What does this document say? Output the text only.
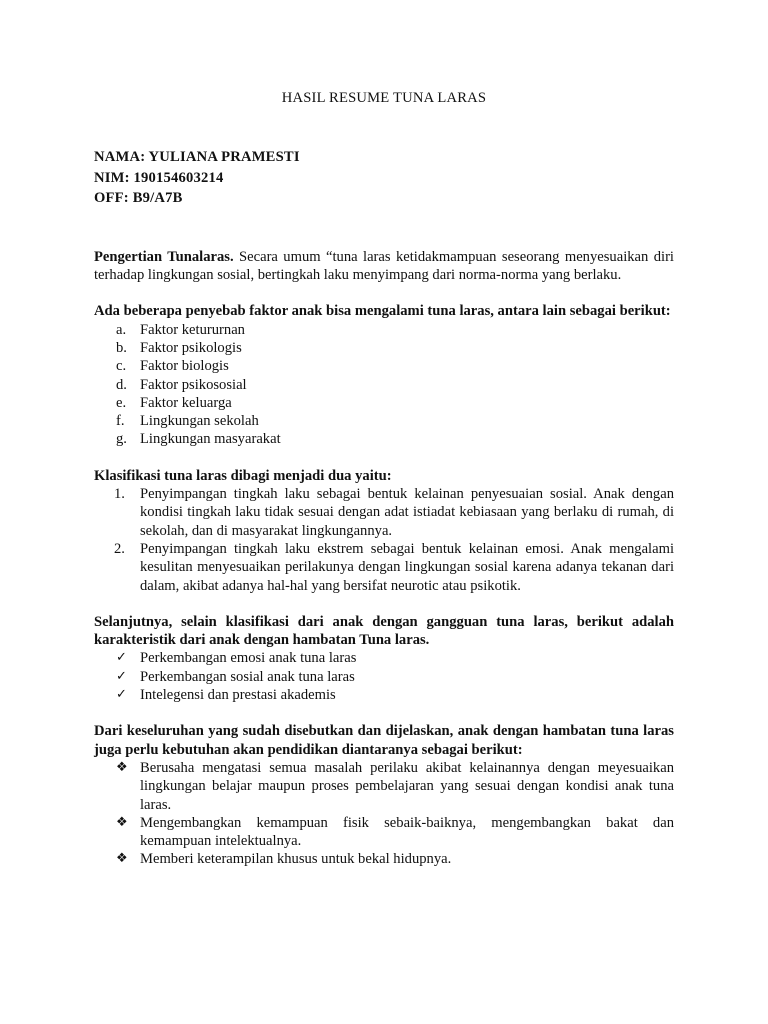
HASIL RESUME TUNA LARAS
NAMA: YULIANA PRAMESTI
NIM: 190154603214
OFF: B9/A7B

Pengertian Tunalaras. Secara umum “tuna laras ketidakmampuan seseorang menyesuaikan diri terhadap lingkungan sosial, bertingkah laku menyimpang dari norma-norma yang berlaku.

Ada beberapa penyebab faktor anak bisa mengalami tuna laras, antara lain sebagai berikut:

a. Faktor ketururnan
b. Faktor psikologis
c. Faktor biologis
d. Faktor psikososial
e. Faktor keluarga
f. Lingkungan sekolah
g. Lingkungan masyarakat

Klasifikasi tuna laras dibagi menjadi dua yaitu:

1. Penyimpangan tingkah laku sebagai bentuk kelainan penyesuaian sosial. Anak dengan kondisi tingkah laku tidak sesuai dengan adat istiadat kebiasaan yang berlaku di rumah, di sekolah, dan di masyarakat lingkungannya.
2. Penyimpangan tingkah laku ekstrem sebagai bentuk kelainan emosi. Anak mengalami kesulitan menyesuaikan perilakunya dengan lingkungan sosial karena adanya tekanan dari dalam, akibat adanya hal-hal yang bersifat neurotic atau psikotik.

Selanjutnya, selain klasifikasi dari anak dengan gangguan tuna laras, berikut adalah karakteristik dari anak dengan hambatan Tuna laras.

✓ Perkembangan emosi anak tuna laras
✓ Perkembangan sosial anak tuna laras
✓ Intelegensi dan prestasi akademis

Dari keseluruhan yang sudah disebutkan dan dijelaskan, anak dengan hambatan tuna laras juga perlu kebutuhan akan pendidikan diantaranya sebagai berikut:

❖ Berusaha mengatasi semua masalah perilaku akibat kelainannya dengan meyesuaikan lingkungan belajar maupun proses pembelajaran yang sesuai dengan kondisi anak tuna laras.
❖ Mengembangkan kemampuan fisik sebaik-baiknya, mengembangkan bakat dan kemampuan intelektualnya.
❖ Memberi keterampilan khusus untuk bekal hidupnya.
